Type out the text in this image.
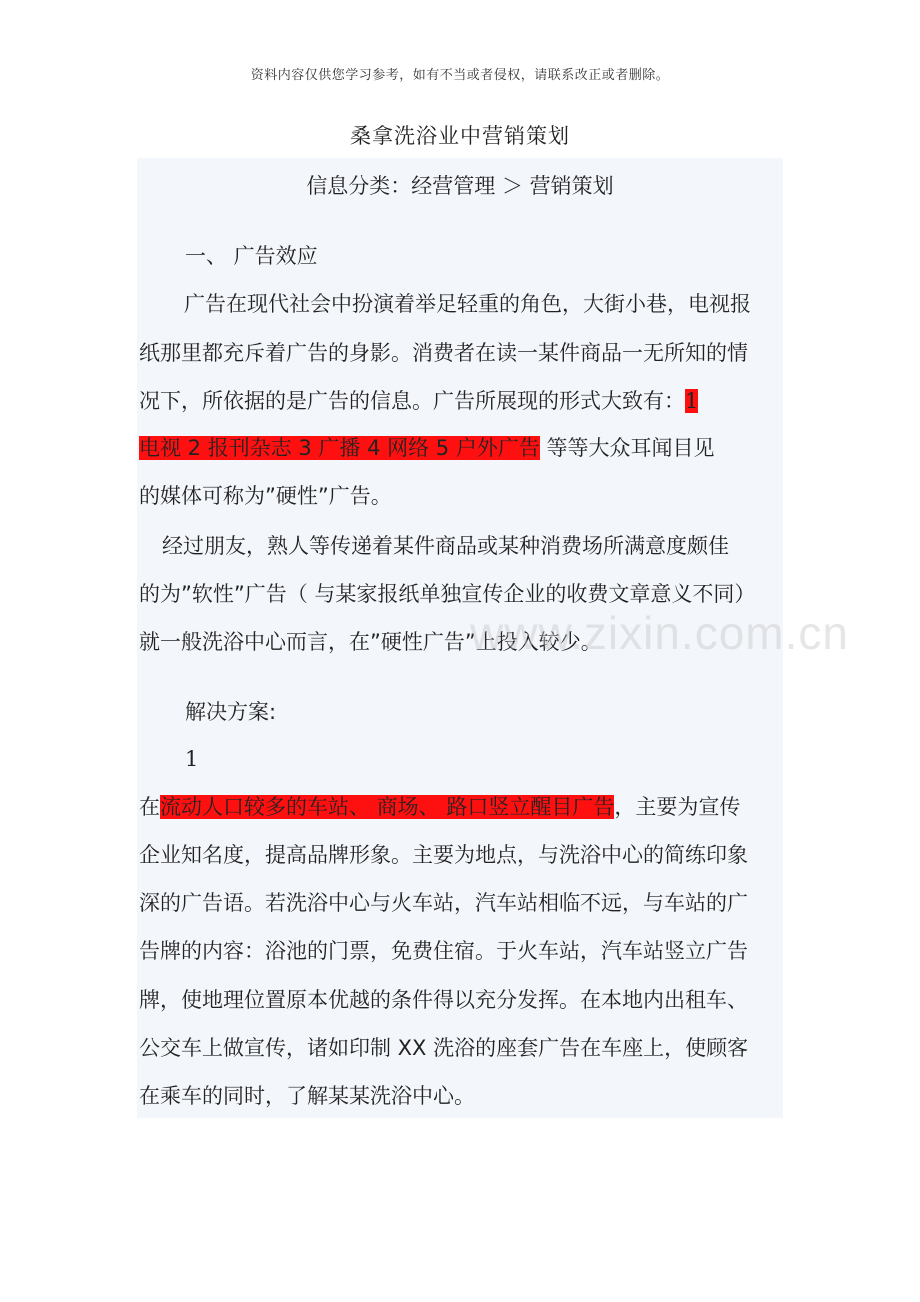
资料内容仅供您学习参考，如有不当或者侵权，请联系改正或者删除。
桑拿洗浴业中营销策划
信息分类：经营管理 ＞ 营销策划
一、 广告效应
广告在现代社会中扮演着举足轻重的角色，大街小巷，电视报
纸那里都充斥着广告的身影。消费者在读一某件商品一无所知的情
况下，所依据的是广告的信息。广告所展现的形式大致有：1
电视 2 报刊杂志 3 广播 4 网络 5 户外广告 等等大众耳闻目见
的媒体可称为”硬性”广告。
经过朋友，熟人等传递着某件商品或某种消费场所满意度颇佳
的为”软性”广告（ 与某家报纸单独宣传企业的收费文章意义不同）
就一般洗浴中心而言，在”硬性广告”上投入较少。
www.zixin.com.cn
解决方案:
1
在流动人口较多的车站、 商场、 路口竖立醒目广告，主要为宣传
企业知名度，提高品牌形象。主要为地点，与洗浴中心的简练印象
深的广告语。若洗浴中心与火车站，汽车站相临不远，与车站的广
告牌的内容：浴池的门票，免费住宿。于火车站，汽车站竖立广告
牌，使地理位置原本优越的条件得以充分发挥。在本地内出租车、
公交车上做宣传，诸如印制 XX 洗浴的座套广告在车座上，使顾客
在乘车的同时，了解某某洗浴中心。
